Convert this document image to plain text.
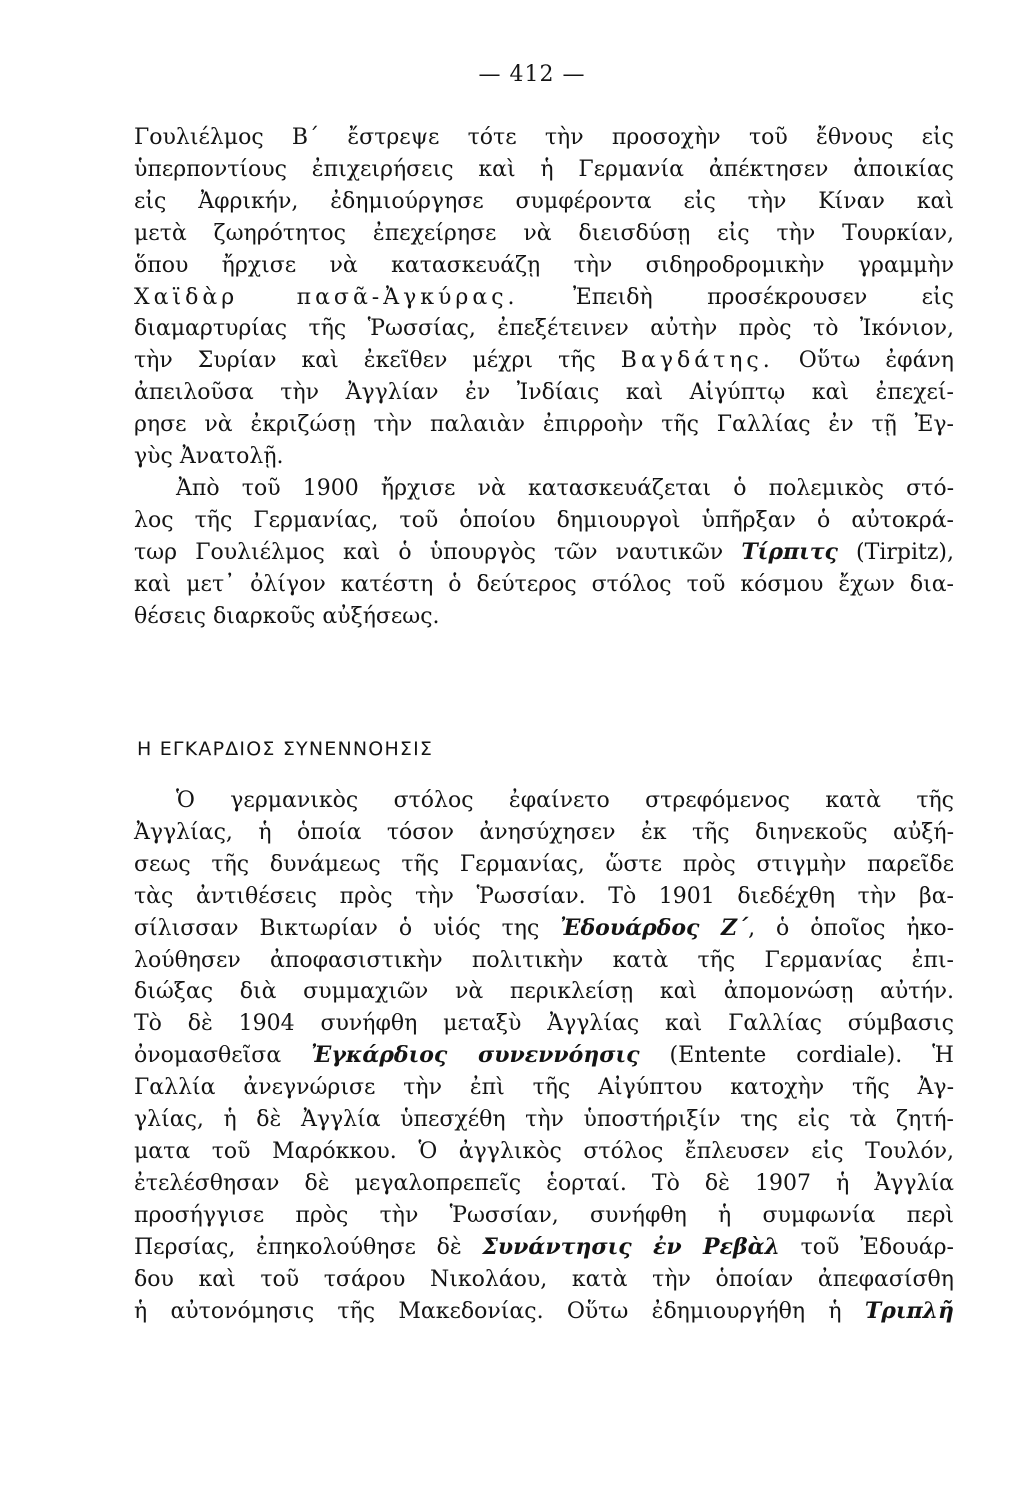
— 412 —
Γουλιέλμος Β΄ ἔστρεψε τότε τὴν προσοχὴν τοῦ ἔθνους εἰς
ὑπερποντίους ἐπιχειρήσεις καὶ ἡ Γερμανία ἀπέκτησεν ἀποικίας
εἰς Ἀφρικήν, ἐδημιούργησε συμφέροντα εἰς τὴν Κίναν καὶ
μετὰ ζωηρότητος ἐπεχείρησε νὰ διεισδύσῃ εἰς τὴν Τουρκίαν,
ὅπου ἤρχισε νὰ κατασκευάζῃ τὴν σιδηροδρομικὴν γραμμὴν
Χαϊδὰρ πασᾶ-Ἀγκύρας. Ἐπειδὴ προσέκρουσεν εἰς
διαμαρτυρίας τῆς Ῥωσσίας, ἐπεξέτεινεν αὐτὴν πρὸς τὸ Ἰκόνιον,
τὴν Συρίαν καὶ ἐκεῖθεν μέχρι τῆς Βαγδάτης. Οὕτω ἐφάνη
ἀπειλοῦσα τὴν Ἀγγλίαν ἐν Ἰνδίαις καὶ Αἰγύπτῳ καὶ ἐπεχεί-
ρησε νὰ ἐκριζώσῃ τὴν παλαιὰν ἐπιρροὴν τῆς Γαλλίας ἐν τῇ Ἐγ-
γὺς Ἀνατολῇ.
Ἀπὸ τοῦ 1900 ἤρχισε νὰ κατασκευάζεται ὁ πολεμικὸς στό-
λος τῆς Γερμανίας, τοῦ ὁποίου δημιουργοὶ ὑπῆρξαν ὁ αὐτοκρά-
τωρ Γουλιέλμος καὶ ὁ ὑπουργὸς τῶν ναυτικῶν Τίρπιτς (Tirpitz),
καὶ μετ᾽ ὀλίγον κατέστη ὁ δεύτερος στόλος τοῦ κόσμου ἔχων δια-
θέσεις διαρκοῦς αὐξήσεως.
Η ΕΓΚΑΡΔΙΟΣ ΣΥΝΕΝΝΟΗΣΙΣ
Ὁ γερμανικὸς στόλος ἐφαίνετο στρεφόμενος κατὰ τῆς
Ἀγγλίας, ἡ ὁποία τόσον ἀνησύχησεν ἐκ τῆς διηνεκοῦς αὐξή-
σεως τῆς δυνάμεως τῆς Γερμανίας, ὥστε πρὸς στιγμὴν παρεῖδε
τὰς ἀντιθέσεις πρὸς τὴν Ῥωσσίαν. Τὸ 1901 διεδέχθη τὴν βα-
σίλισσαν Βικτωρίαν ὁ υἱός της Ἐδουάρδος Ζ΄, ὁ ὁποῖος ἠκο-
λούθησεν ἀποφασιστικὴν πολιτικὴν κατὰ τῆς Γερμανίας ἐπι-
διώξας διὰ συμμαχιῶν νὰ περικλείσῃ καὶ ἀπομονώσῃ αὐτήν.
Τὸ δὲ 1904 συνήφθη μεταξὺ Ἀγγλίας καὶ Γαλλίας σύμβασις
ὀνομασθεῖσα Ἐγκάρδιος συνεννόησις (Entente cordiale). Ἡ
Γαλλία ἀνεγνώρισε τὴν ἐπὶ τῆς Αἰγύπτου κατοχὴν τῆς Ἀγ-
γλίας, ἡ δὲ Ἀγγλία ὑπεσχέθη τὴν ὑποστήριξίν της εἰς τὰ ζητή-
ματα τοῦ Μαρόκκου. Ὁ ἀγγλικὸς στόλος ἔπλευσεν εἰς Τουλόν,
ἐτελέσθησαν δὲ μεγαλοπρεπεῖς ἑορταί. Τὸ δὲ 1907 ἡ Ἀγγλία
προσήγγισε πρὸς τὴν Ῥωσσίαν, συνήφθη ἡ συμφωνία περὶ
Περσίας, ἐπηκολούθησε δὲ Συνάντησις ἐν Ρεβὰλ τοῦ Ἐδουάρ-
δου καὶ τοῦ τσάρου Νικολάου, κατὰ τὴν ὁποίαν ἀπεφασίσθη
ἡ αὐτονόμησις τῆς Μακεδονίας. Οὕτω ἐδημιουργήθη ἡ Τριπλῆ
